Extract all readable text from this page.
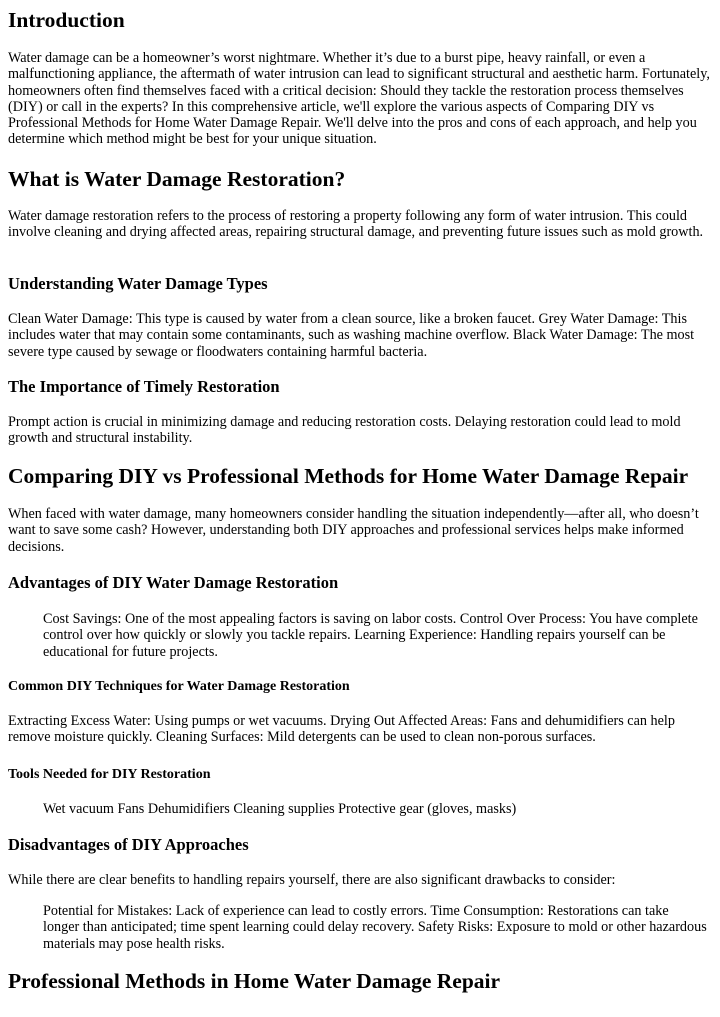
Introduction

Water damage can be a homeowner’s worst nightmare. Whether it’s due to a burst pipe, heavy rainfall, or even a malfunctioning appliance, the aftermath of water intrusion can lead to significant structural and aesthetic harm. Fortunately, homeowners often find themselves faced with a critical decision: Should they tackle the restoration process themselves (DIY) or call in the experts? In this comprehensive article, we'll explore the various aspects of Comparing DIY vs Professional Methods for Home Water Damage Repair. We'll delve into the pros and cons of each approach, and help you determine which method might be best for your unique situation.

What is Water Damage Restoration?

Water damage restoration refers to the process of restoring a property following any form of water intrusion. This could involve cleaning and drying affected areas, repairing structural damage, and preventing future issues such as mold growth.

Understanding Water Damage Types

Clean Water Damage: This type is caused by water from a clean source, like a broken faucet. Grey Water Damage: This includes water that may contain some contaminants, such as washing machine overflow. Black Water Damage: The most severe type caused by sewage or floodwaters containing harmful bacteria.

The Importance of Timely Restoration

Prompt action is crucial in minimizing damage and reducing restoration costs. Delaying restoration could lead to mold growth and structural instability.

Comparing DIY vs Professional Methods for Home Water Damage Repair

When faced with water damage, many homeowners consider handling the situation independently—after all, who doesn’t want to save some cash? However, understanding both DIY approaches and professional services helps make informed decisions.

Advantages of DIY Water Damage Restoration
Cost Savings: One of the most appealing factors is saving on labor costs. Control Over Process: You have complete control over how quickly or slowly you tackle repairs. Learning Experience: Handling repairs yourself can be educational for future projects.
Common DIY Techniques for Water Damage Restoration

Extracting Excess Water: Using pumps or wet vacuums. Drying Out Affected Areas: Fans and dehumidifiers can help remove moisture quickly. Cleaning Surfaces: Mild detergents can be used to clean non-porous surfaces.

Tools Needed for DIY Restoration
Wet vacuum Fans Dehumidifiers Cleaning supplies Protective gear (gloves, masks)
Disadvantages of DIY Approaches

While there are clear benefits to handling repairs yourself, there are also significant drawbacks to consider:

Potential for Mistakes: Lack of experience can lead to costly errors. Time Consumption: Restorations can take longer than anticipated; time spent learning could delay recovery. Safety Risks: Exposure to mold or other hazardous materials may pose health risks.
Professional Methods in Home Water Damage Repair
